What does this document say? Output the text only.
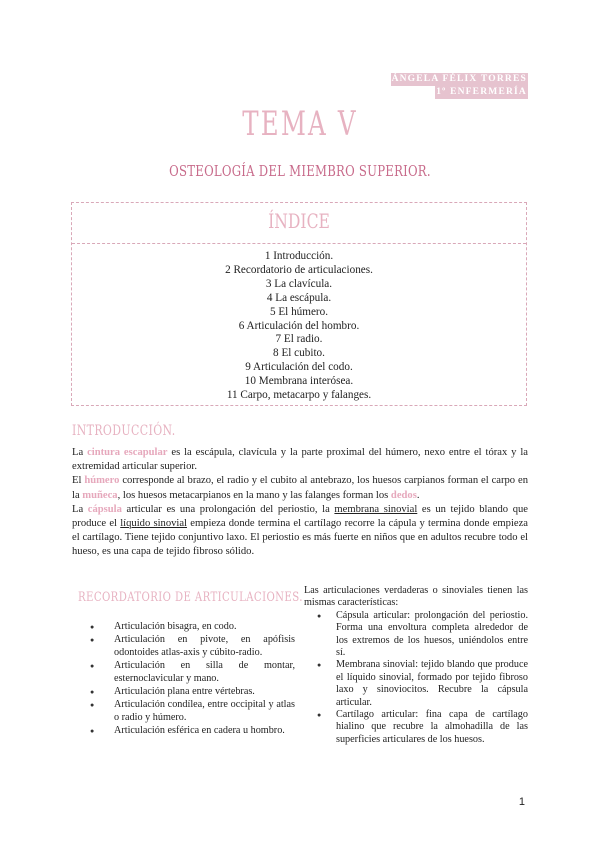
ÁNGELA FÉLIX TORRES
1º ENFERMERÍA
TEMA V
OSTEOLOGÍA DEL MIEMBRO SUPERIOR.
ÍNDICE
1 Introducción.
2 Recordatorio de articulaciones.
3 La clavícula.
4 La escápula.
5 El húmero.
6 Articulación del hombro.
7 El radio.
8 El cubito.
9 Articulación del codo.
10 Membrana interósea.
11 Carpo, metacarpo y falanges.
INTRODUCCIÓN.

La cintura escapular es la escápula, clavícula y la parte proximal del húmero, nexo entre el tórax y la extremidad articular superior.

El húmero corresponde al brazo, el radio y el cubito al antebrazo, los huesos carpianos forman el carpo en la muñeca, los huesos metacarpianos en la mano y las falanges forman los dedos.

La cápsula articular es una prolongación del periostio, la membrana sinovial es un tejido blando que produce el líquido sinovial empieza donde termina el cartílago recorre la cápula y termina donde empieza el cartílago. Tiene tejido conjuntivo laxo. El periostio es más fuerte en niños que en adultos recubre todo el hueso, es una capa de tejido fibroso sólido.

RECORDATORIO DE ARTICULACIONES.
● Articulación bisagra, en codo.
● Articulación en pivote, en apófisis odontoides atlas-axis y cúbito-radio.
● Articulación en silla de montar, esternoclavicular y mano.
● Articulación plana entre vértebras.
● Articulación condílea, entre occipital y atlas o radio y húmero.
● Articulación esférica en cadera u hombro.

Las articulaciones verdaderas o sinoviales tienen las mismas características:

● Cápsula articular: prolongación del periostio. Forma una envoltura completa alrededor de los extremos de los huesos, uniéndolos entre sí.
● Membrana sinovial: tejido blando que produce el líquido sinovial, formado por tejido fibroso laxo y sinoviocitos. Recubre la cápsula articular.
● Cartílago articular: fina capa de cartílago hialino que recubre la almohadilla de las superficies articulares de los huesos.
1
